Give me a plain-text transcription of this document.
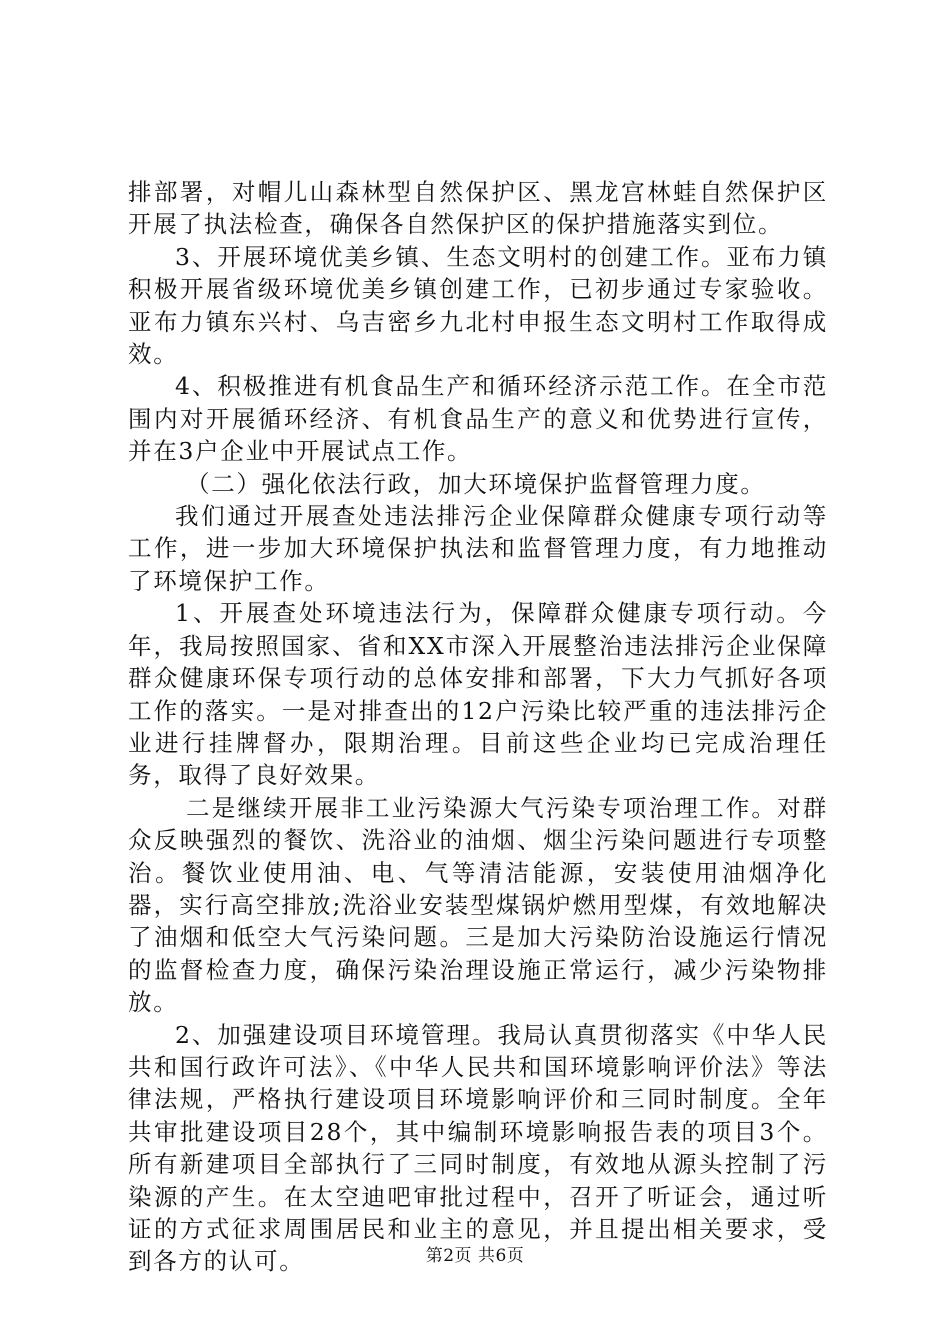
排部署，对帽儿山森林型自然保护区、黑龙宫林蛙自然保护区开展了执法检查，确保各自然保护区的保护措施落实到位。

3、开展环境优美乡镇、生态文明村的创建工作。亚布力镇积极开展省级环境优美乡镇创建工作，已初步通过专家验收。亚布力镇东兴村、乌吉密乡九北村申报生态文明村工作取得成效。

4、积极推进有机食品生产和循环经济示范工作。在全市范围内对开展循环经济、有机食品生产的意义和优势进行宣传，并在3户企业中开展试点工作。

（二）强化依法行政，加大环境保护监督管理力度。

我们通过开展查处违法排污企业保障群众健康专项行动等工作，进一步加大环境保护执法和监督管理力度，有力地推动了环境保护工作。

1、开展查处环境违法行为，保障群众健康专项行动。今年，我局按照国家、省和XX市深入开展整治违法排污企业保障群众健康环保专项行动的总体安排和部署，下大力气抓好各项工作的落实。一是对排查出的12户污染比较严重的违法排污企业进行挂牌督办，限期治理。目前这些企业均已完成治理任务，取得了良好效果。

二是继续开展非工业污染源大气污染专项治理工作。对群众反映强烈的餐饮、洗浴业的油烟、烟尘污染问题进行专项整治。餐饮业使用油、电、气等清洁能源，安装使用油烟净化器，实行高空排放;洗浴业安装型煤锅炉燃用型煤，有效地解决了油烟和低空大气污染问题。三是加大污染防治设施运行情况的监督检查力度，确保污染治理设施正常运行，减少污染物排放。

2、加强建设项目环境管理。我局认真贯彻落实《中华人民共和国行政许可法》、《中华人民共和国环境影响评价法》等法律法规，严格执行建设项目环境影响评价和三同时制度。全年共审批建设项目28个，其中编制环境影响报告表的项目3个。所有新建项目全部执行了三同时制度，有效地从源头控制了污染源的产生。在太空迪吧审批过程中，召开了听证会，通过听证的方式征求周围居民和业主的意见，并且提出相关要求，受到各方的认可。	第2页 共6页
